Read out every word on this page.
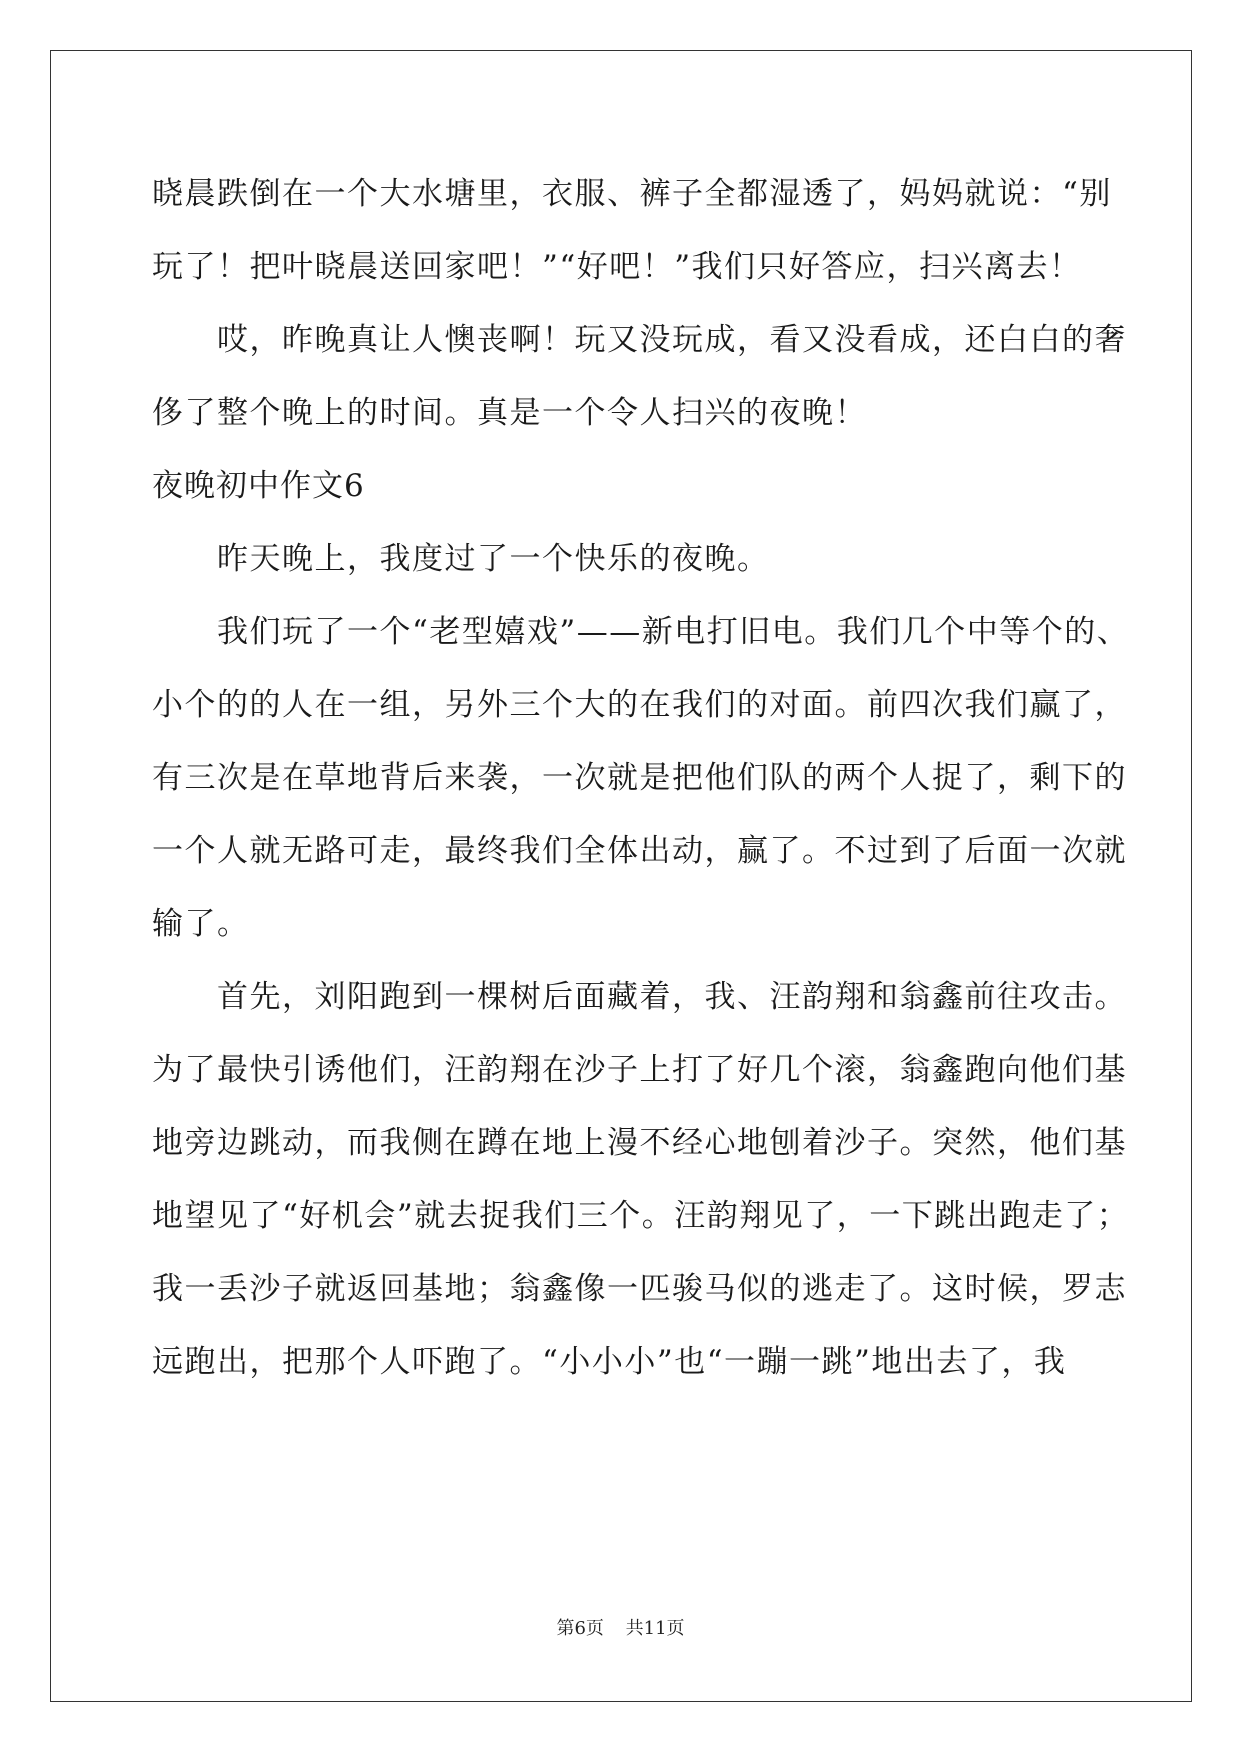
晓晨跌倒在一个大水塘里，衣服、裤子全都湿透了，妈妈就说：“别
玩了！把叶晓晨送回家吧！”“好吧！”我们只好答应，扫兴离去！
　　哎，昨晚真让人懊丧啊！玩又没玩成，看又没看成，还白白的奢
侈了整个晚上的时间。真是一个令人扫兴的夜晚！
夜晚初中作文6
　　昨天晚上，我度过了一个快乐的夜晚。
　　我们玩了一个“老型嬉戏”——新电打旧电。我们几个中等个的、
小个的的人在一组，另外三个大的在我们的对面。前四次我们赢了，
有三次是在草地背后来袭，一次就是把他们队的两个人捉了，剩下的
一个人就无路可走，最终我们全体出动，赢了。不过到了后面一次就
输了。
　　首先，刘阳跑到一棵树后面藏着，我、汪韵翔和翁鑫前往攻击。
为了最快引诱他们，汪韵翔在沙子上打了好几个滚，翁鑫跑向他们基
地旁边跳动，而我侧在蹲在地上漫不经心地刨着沙子。突然，他们基
地望见了“好机会”就去捉我们三个。汪韵翔见了，一下跳出跑走了；
我一丢沙子就返回基地；翁鑫像一匹骏马似的逃走了。这时候，罗志
远跑出，把那个人吓跑了。“小小小”也“一蹦一跳”地出去了，我
第6页 共11页
